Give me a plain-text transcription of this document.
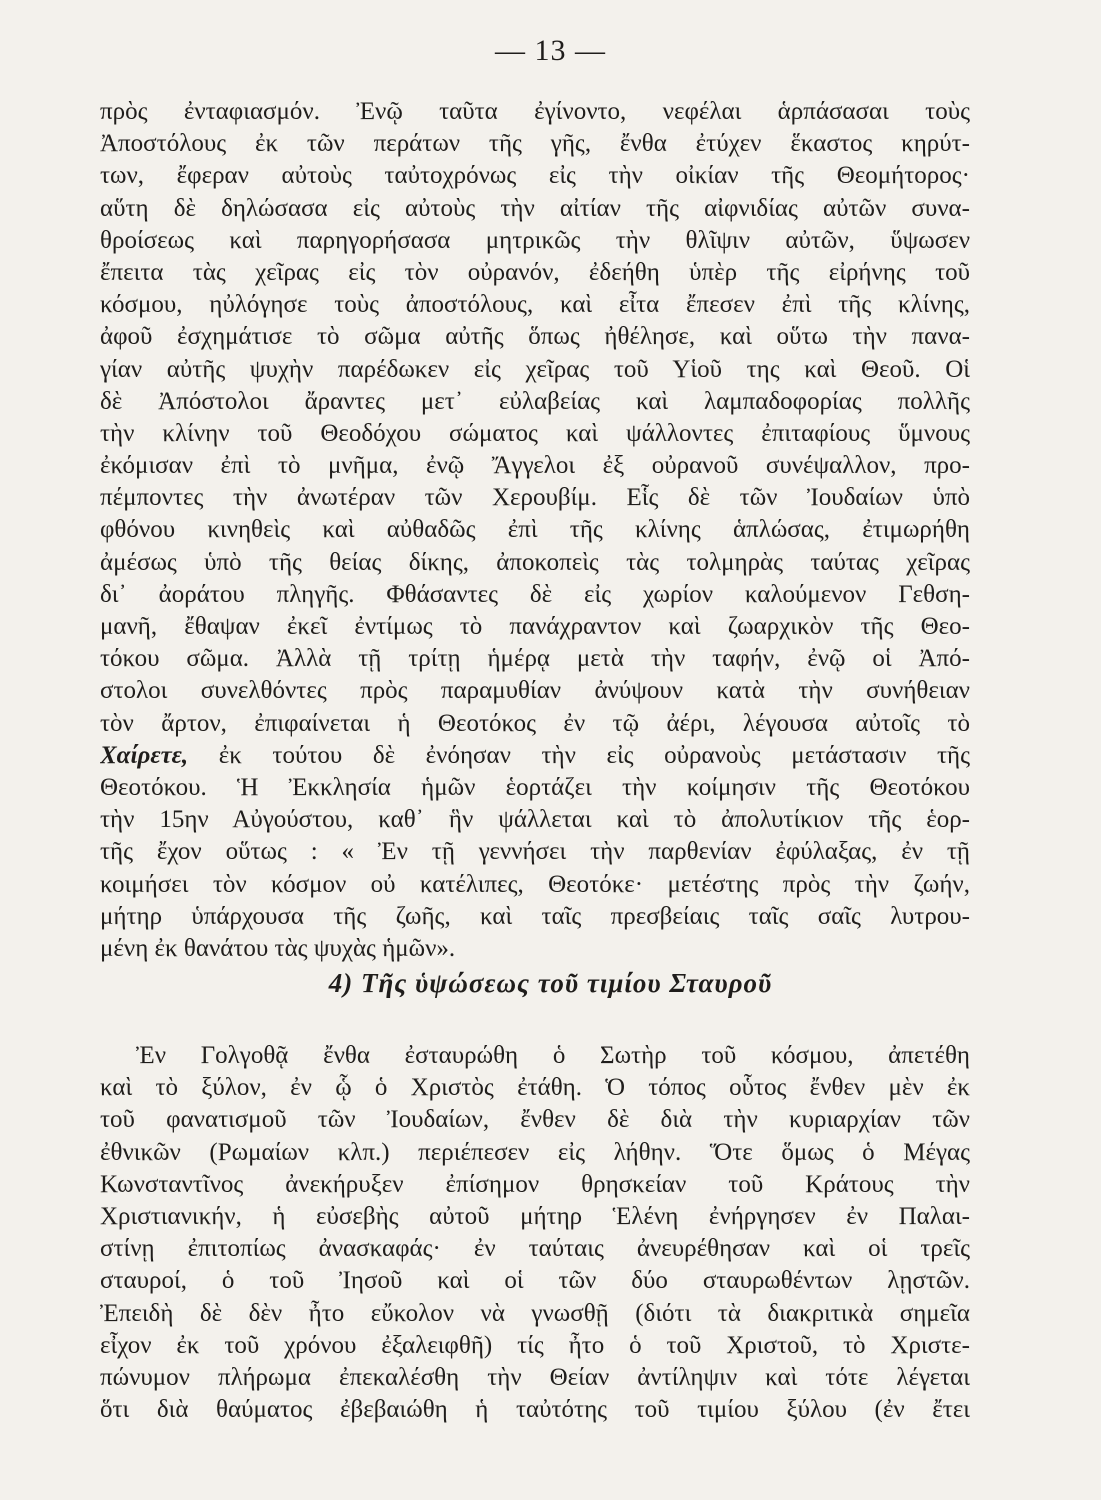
— 13 —
πρὸς ἐνταφιασμόν. Ἐνῷ ταῦτα ἐγίνοντο, νεφέλαι ἁρπάσασαι τοὺς
Ἀποστόλους ἐκ τῶν περάτων τῆς γῆς, ἔνθα ἐτύχεν ἕκαστος κηρύτ-
των, ἔφεραν αὐτοὺς ταὐτοχρόνως εἰς τὴν οἰκίαν τῆς Θεομήτορος·
αὕτη δὲ δηλώσασα εἰς αὐτοὺς τὴν αἰτίαν τῆς αἰφνιδίας αὐτῶν συνα-
θροίσεως καὶ παρηγορήσασα μητρικῶς τὴν θλῖψιν αὐτῶν, ὕψωσεν
ἔπειτα τὰς χεῖρας εἰς τὸν οὐρανόν, ἐδεήθη ὑπὲρ τῆς εἰρήνης τοῦ
κόσμου, ηὐλόγησε τοὺς ἀποστόλους, καὶ εἶτα ἔπεσεν ἐπὶ τῆς κλίνης,
ἀφοῦ ἐσχημάτισε τὸ σῶμα αὐτῆς ὅπως ἠθέλησε, καὶ οὕτω τὴν πανα-
γίαν αὐτῆς ψυχὴν παρέδωκεν εἰς χεῖρας τοῦ Υἱοῦ της καὶ Θεοῦ. Οἱ
δὲ Ἀπόστολοι ἄραντες μετ᾽ εὐλαβείας καὶ λαμπαδοφορίας πολλῆς
τὴν κλίνην τοῦ Θεοδόχου σώματος καὶ ψάλλοντες ἐπιταφίους ὕμνους
ἐκόμισαν ἐπὶ τὸ μνῆμα, ἐνῷ Ἄγγελοι ἐξ οὐρανοῦ συνέψαλλον, προ-
πέμποντες τὴν ἀνωτέραν τῶν Χερουβίμ. Εἷς δὲ τῶν Ἰουδαίων ὑπὸ
φθόνου κινηθεὶς καὶ αὐθαδῶς ἐπὶ τῆς κλίνης ἁπλώσας, ἐτιμωρήθη
ἀμέσως ὑπὸ τῆς θείας δίκης, ἀποκοπεὶς τὰς τολμηρὰς ταύτας χεῖρας
δι᾽ ἀοράτου πληγῆς. Φθάσαντες δὲ εἰς χωρίον καλούμενον Γεθση-
μανῆ, ἔθαψαν ἐκεῖ ἐντίμως τὸ πανάχραντον καὶ ζωαρχικὸν τῆς Θεο-
τόκου σῶμα. Ἀλλὰ τῇ τρίτῃ ἡμέρᾳ μετὰ τὴν ταφήν, ἐνῷ οἱ Ἀπό-
στολοι συνελθόντες πρὸς παραμυθίαν ἀνύψουν κατὰ τὴν συνήθειαν
τὸν ἄρτον, ἐπιφαίνεται ἡ Θεοτόκος ἐν τῷ ἀέρι, λέγουσα αὐτοῖς τὸ
Χαίρετε, ἐκ τούτου δὲ ἐνόησαν τὴν εἰς οὐρανοὺς μετάστασιν τῆς
Θεοτόκου. Ἡ Ἐκκλησία ἡμῶν ἑορτάζει τὴν κοίμησιν τῆς Θεοτόκου
τὴν 15ην Αὐγούστου, καθ᾽ ἣν ψάλλεται καὶ τὸ ἀπολυτίκιον τῆς ἑορ-
τῆς ἔχον οὕτως : « Ἐν τῇ γεννήσει τὴν παρθενίαν ἐφύλαξας, ἐν τῇ
κοιμήσει τὸν κόσμον οὐ κατέλιπες, Θεοτόκε· μετέστης πρὸς τὴν ζωήν,
μήτηρ ὑπάρχουσα τῆς ζωῆς, καὶ ταῖς πρεσβείαις ταῖς σαῖς λυτρου-
μένη ἐκ θανάτου τὰς ψυχὰς ἡμῶν».
4) Τῆς ὑψώσεως τοῦ τιμίου Σταυροῦ
Ἐν Γολγοθᾷ ἔνθα ἐσταυρώθη ὁ Σωτὴρ τοῦ κόσμου, ἀπετέθη
καὶ τὸ ξύλον, ἐν ᾧ ὁ Χριστὸς ἐτάθη. Ὁ τόπος οὗτος ἔνθεν μὲν ἐκ
τοῦ φανατισμοῦ τῶν Ἰουδαίων, ἔνθεν δὲ διὰ τὴν κυριαρχίαν τῶν
ἐθνικῶν (Ρωμαίων κλπ.) περιέπεσεν εἰς λήθην. Ὅτε ὅμως ὁ Μέγας
Κωνσταντῖνος ἀνεκήρυξεν ἐπίσημον θρησκείαν τοῦ Κράτους τὴν
Χριστιανικήν, ἡ εὐσεβὴς αὐτοῦ μήτηρ Ἑλένη ἐνήργησεν ἐν Παλαι-
στίνῃ ἐπιτοπίως ἀνασκαφάς· ἐν ταύταις ἀνευρέθησαν καὶ οἱ τρεῖς
σταυροί, ὁ τοῦ Ἰησοῦ καὶ οἱ τῶν δύο σταυρωθέντων λῃστῶν.
Ἐπειδὴ δὲ δὲν ἦτο εὔκολον νὰ γνωσθῇ (διότι τὰ διακριτικὰ σημεῖα
εἶχον ἐκ τοῦ χρόνου ἐξαλειφθῆ) τίς ἦτο ὁ τοῦ Χριστοῦ, τὸ Χριστε-
πώνυμον πλήρωμα ἐπεκαλέσθη τὴν Θείαν ἀντίληψιν καὶ τότε λέγεται
ὅτι διὰ θαύματος ἐβεβαιώθη ἡ ταὐτότης τοῦ τιμίου ξύλου (ἐν ἔτει
